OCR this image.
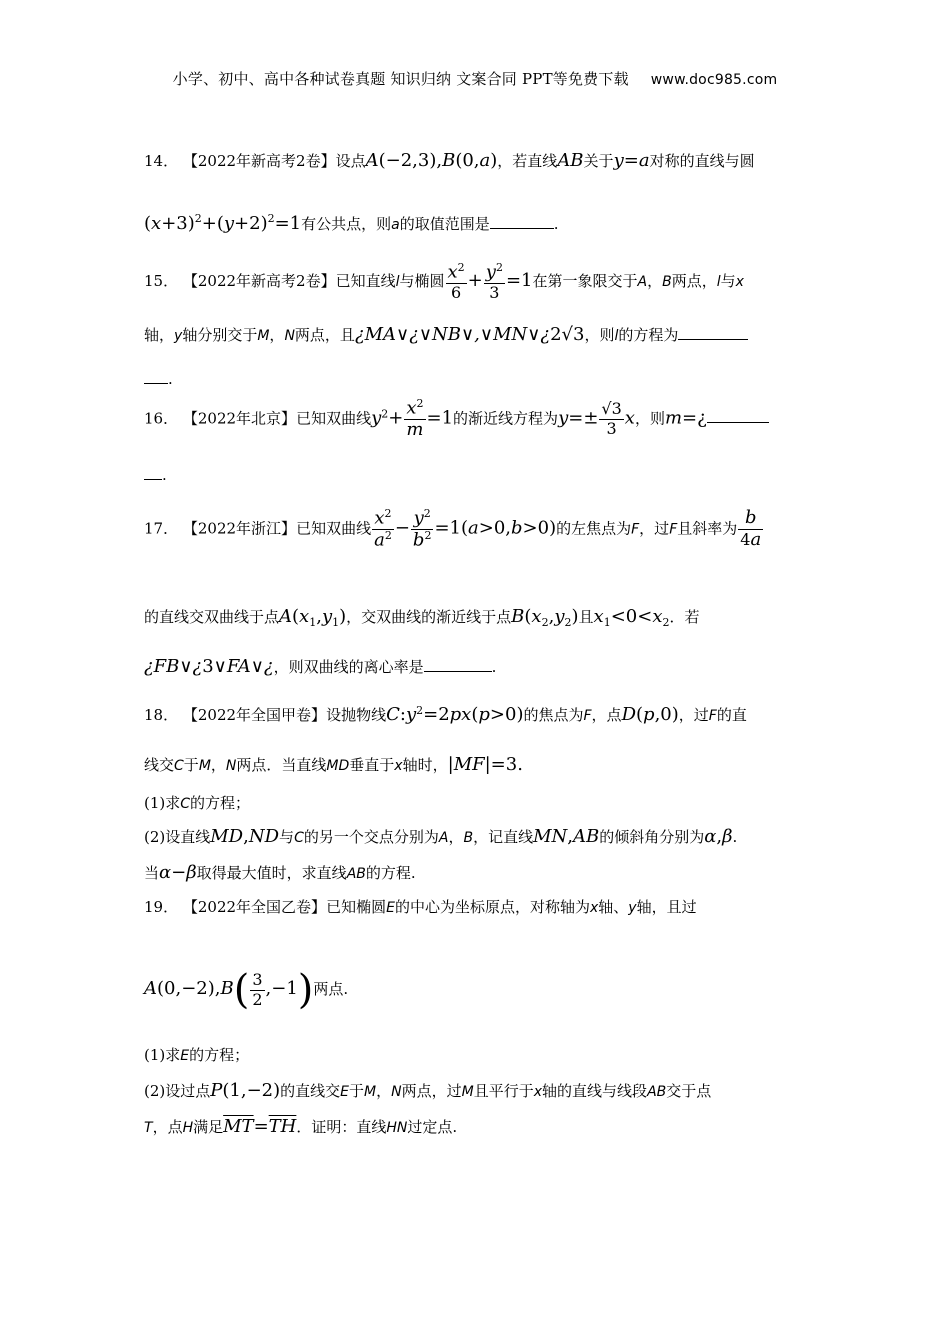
小学、初中、高中各种试卷真题 知识归纳 文案合同 PPT等免费下载 www.doc985.com
14． 【2022年新高考2卷】设点A(−2,3),B(0,a)，若直线AB关于y=a对称的直线与圆
$(x+3)^2+(y+2)^2=1$有公共点，则a的取值范围是	.
15． 【2022年新高考2卷】已知直线l与椭圆 $\frac{x^2}{6} + \frac{y^2}{3} =1$在第一象限交于A，B两点，l与x
轴，y轴分别交于M，N两点，且¿MA∨¿∨NB∨,∨MN∨¿2√3，则l的方程为
.
16． 【2022年北京】已知双曲线$y^2+ \frac{x^2}{m} =1$的渐近线方程为$y=\pm \frac{√3}{3}$ x，则m=¿
.
17． 【2022年浙江】已知双曲线 $\frac{x^2}{a^2} - \frac{y^2}{b^2} =1(a>0,b>0)$的左焦点为F，过F且斜率为 $\frac{b}{4a}$
的直线交双曲线于点$A(x_1,y_1)$，交双曲线的渐近线于点$B(x_2,y_2)$且$x_1<0<x_2$．若
¿FB∨¿3∨FA∨¿，则双曲线的离心率是	.
18． 【2022年全国甲卷】设抛物线$C:y^2=2px(p>0)$的焦点为F，点D(p,0)，过F的直
线交C于M，N两点．当直线MD垂直于x轴时，|MF|=3.
(1)求C的方程；
(2)设直线MD,ND与C的另一个交点分别为A，B，记直线MN,AB的倾斜角分别为α,β.
当α−β取得最大值时，求直线AB的方程.
19． 【2022年全国乙卷】已知椭圆E的中心为坐标原点，对称轴为x轴、y轴，且过
$A(0,-2),B( \frac{3}{2} ,-1)$两点.
(1)求E的方程；
(2)设过点P(1,−2)的直线交E于M，N两点，过M且平行于x轴的直线与线段AB交于点
T，点H满足$\overline{MT}=\overline{TH}$．证明：直线HN过定点.
